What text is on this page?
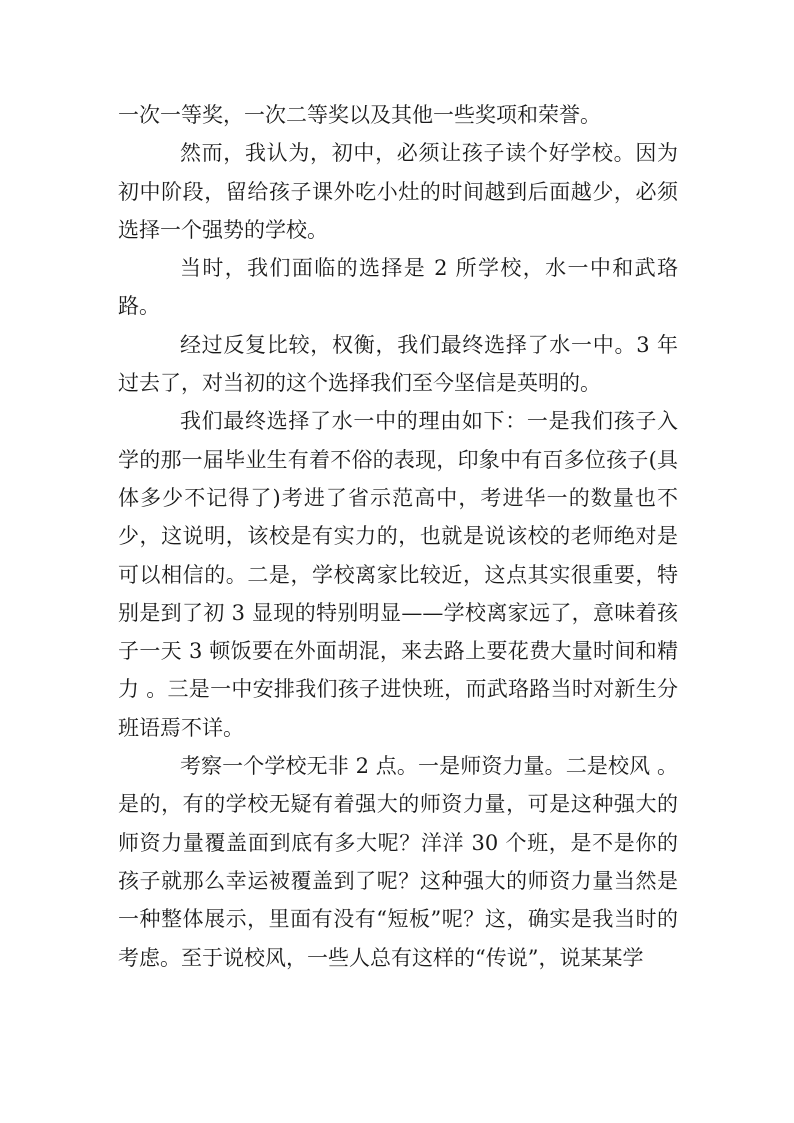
一次一等奖，一次二等奖以及其他一些奖项和荣誉。

然而，我认为，初中，必须让孩子读个好学校。因为初中阶段，留给孩子课外吃小灶的时间越到后面越少，必须选择一个强势的学校。

当时，我们面临的选择是 2 所学校，水一中和武珞路。

经过反复比较，权衡，我们最终选择了水一中。3 年过去了，对当初的这个选择我们至今坚信是英明的。

我们最终选择了水一中的理由如下：一是我们孩子入学的那一届毕业生有着不俗的表现，印象中有百多位孩子(具体多少不记得了)考进了省示范高中，考进华一的数量也不少，这说明，该校是有实力的，也就是说该校的老师绝对是可以相信的。二是，学校离家比较近，这点其实很重要，特别是到了初 3 显现的特别明显——学校离家远了，意味着孩子一天 3 顿饭要在外面胡混，来去路上要花费大量时间和精力 。三是一中安排我们孩子进快班，而武珞路当时对新生分班语焉不详。

考察一个学校无非 2 点。一是师资力量。二是校风 。是的，有的学校无疑有着强大的师资力量，可是这种强大的师资力量覆盖面到底有多大呢？洋洋 30 个班，是不是你的孩子就那么幸运被覆盖到了呢？这种强大的师资力量当然是一种整体展示，里面有没有“短板”呢？这，确实是我当时的考虑。至于说校风，一些人总有这样的“传说”，说某某学
